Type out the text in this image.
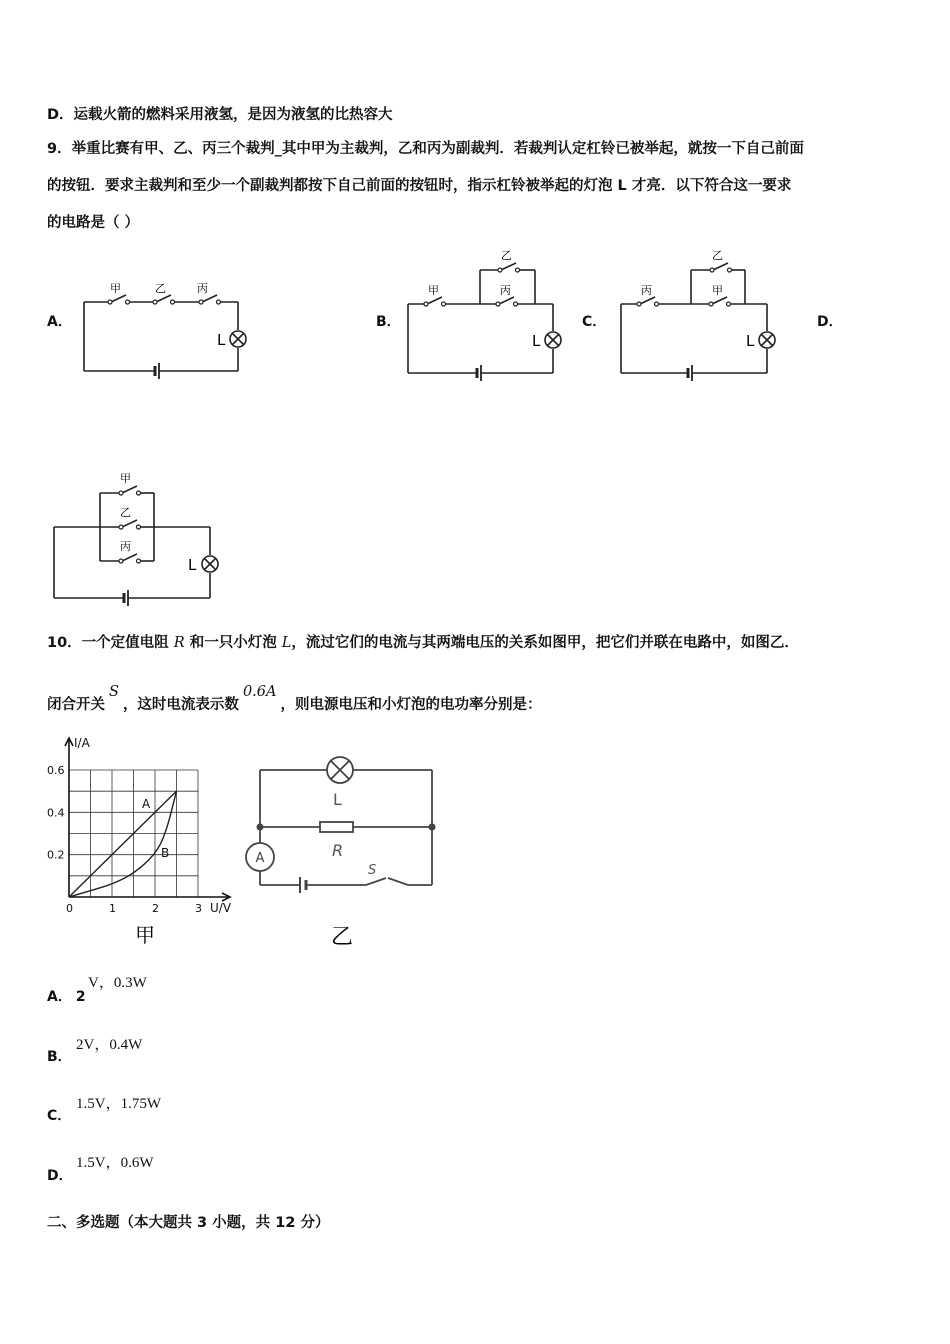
D．运载火箭的燃料采用液氢，是因为液氢的比热容大
9．举重比赛有甲、乙、丙三个裁判_其中甲为主裁判，乙和丙为副裁判．若裁判认定杠铃已被举起，就按一下自己前面
的按钮．要求主裁判和至少一个副裁判都按下自己前面的按钮时，指示杠铃被举起的灯泡 L 才亮．以下符合这一要求
的电路是（ ）
A．	B．	C．	D．
甲	乙	丙
L
甲
乙
丙
L
丙
乙
甲
L
甲
乙
丙
L
10．一个定值电阻 R 和一只小灯泡 L，流过它们的电流与其两端电压的关系如图甲，把它们并联在电路中，如图乙．
闭合开关S，这时电流表示数0.6A，则电源电压和小灯泡的电功率分别是：
A
B
0.2
0.4
0.6
0	1	2	3
I/A
U/V
甲
L
R
A
S
乙
A． 2
V，0.3W
B．
2V，0.4W
C．
1.5V，1.75W
D．
1.5V，0.6W
二、多选题（本大题共 3 小题，共 12 分）
